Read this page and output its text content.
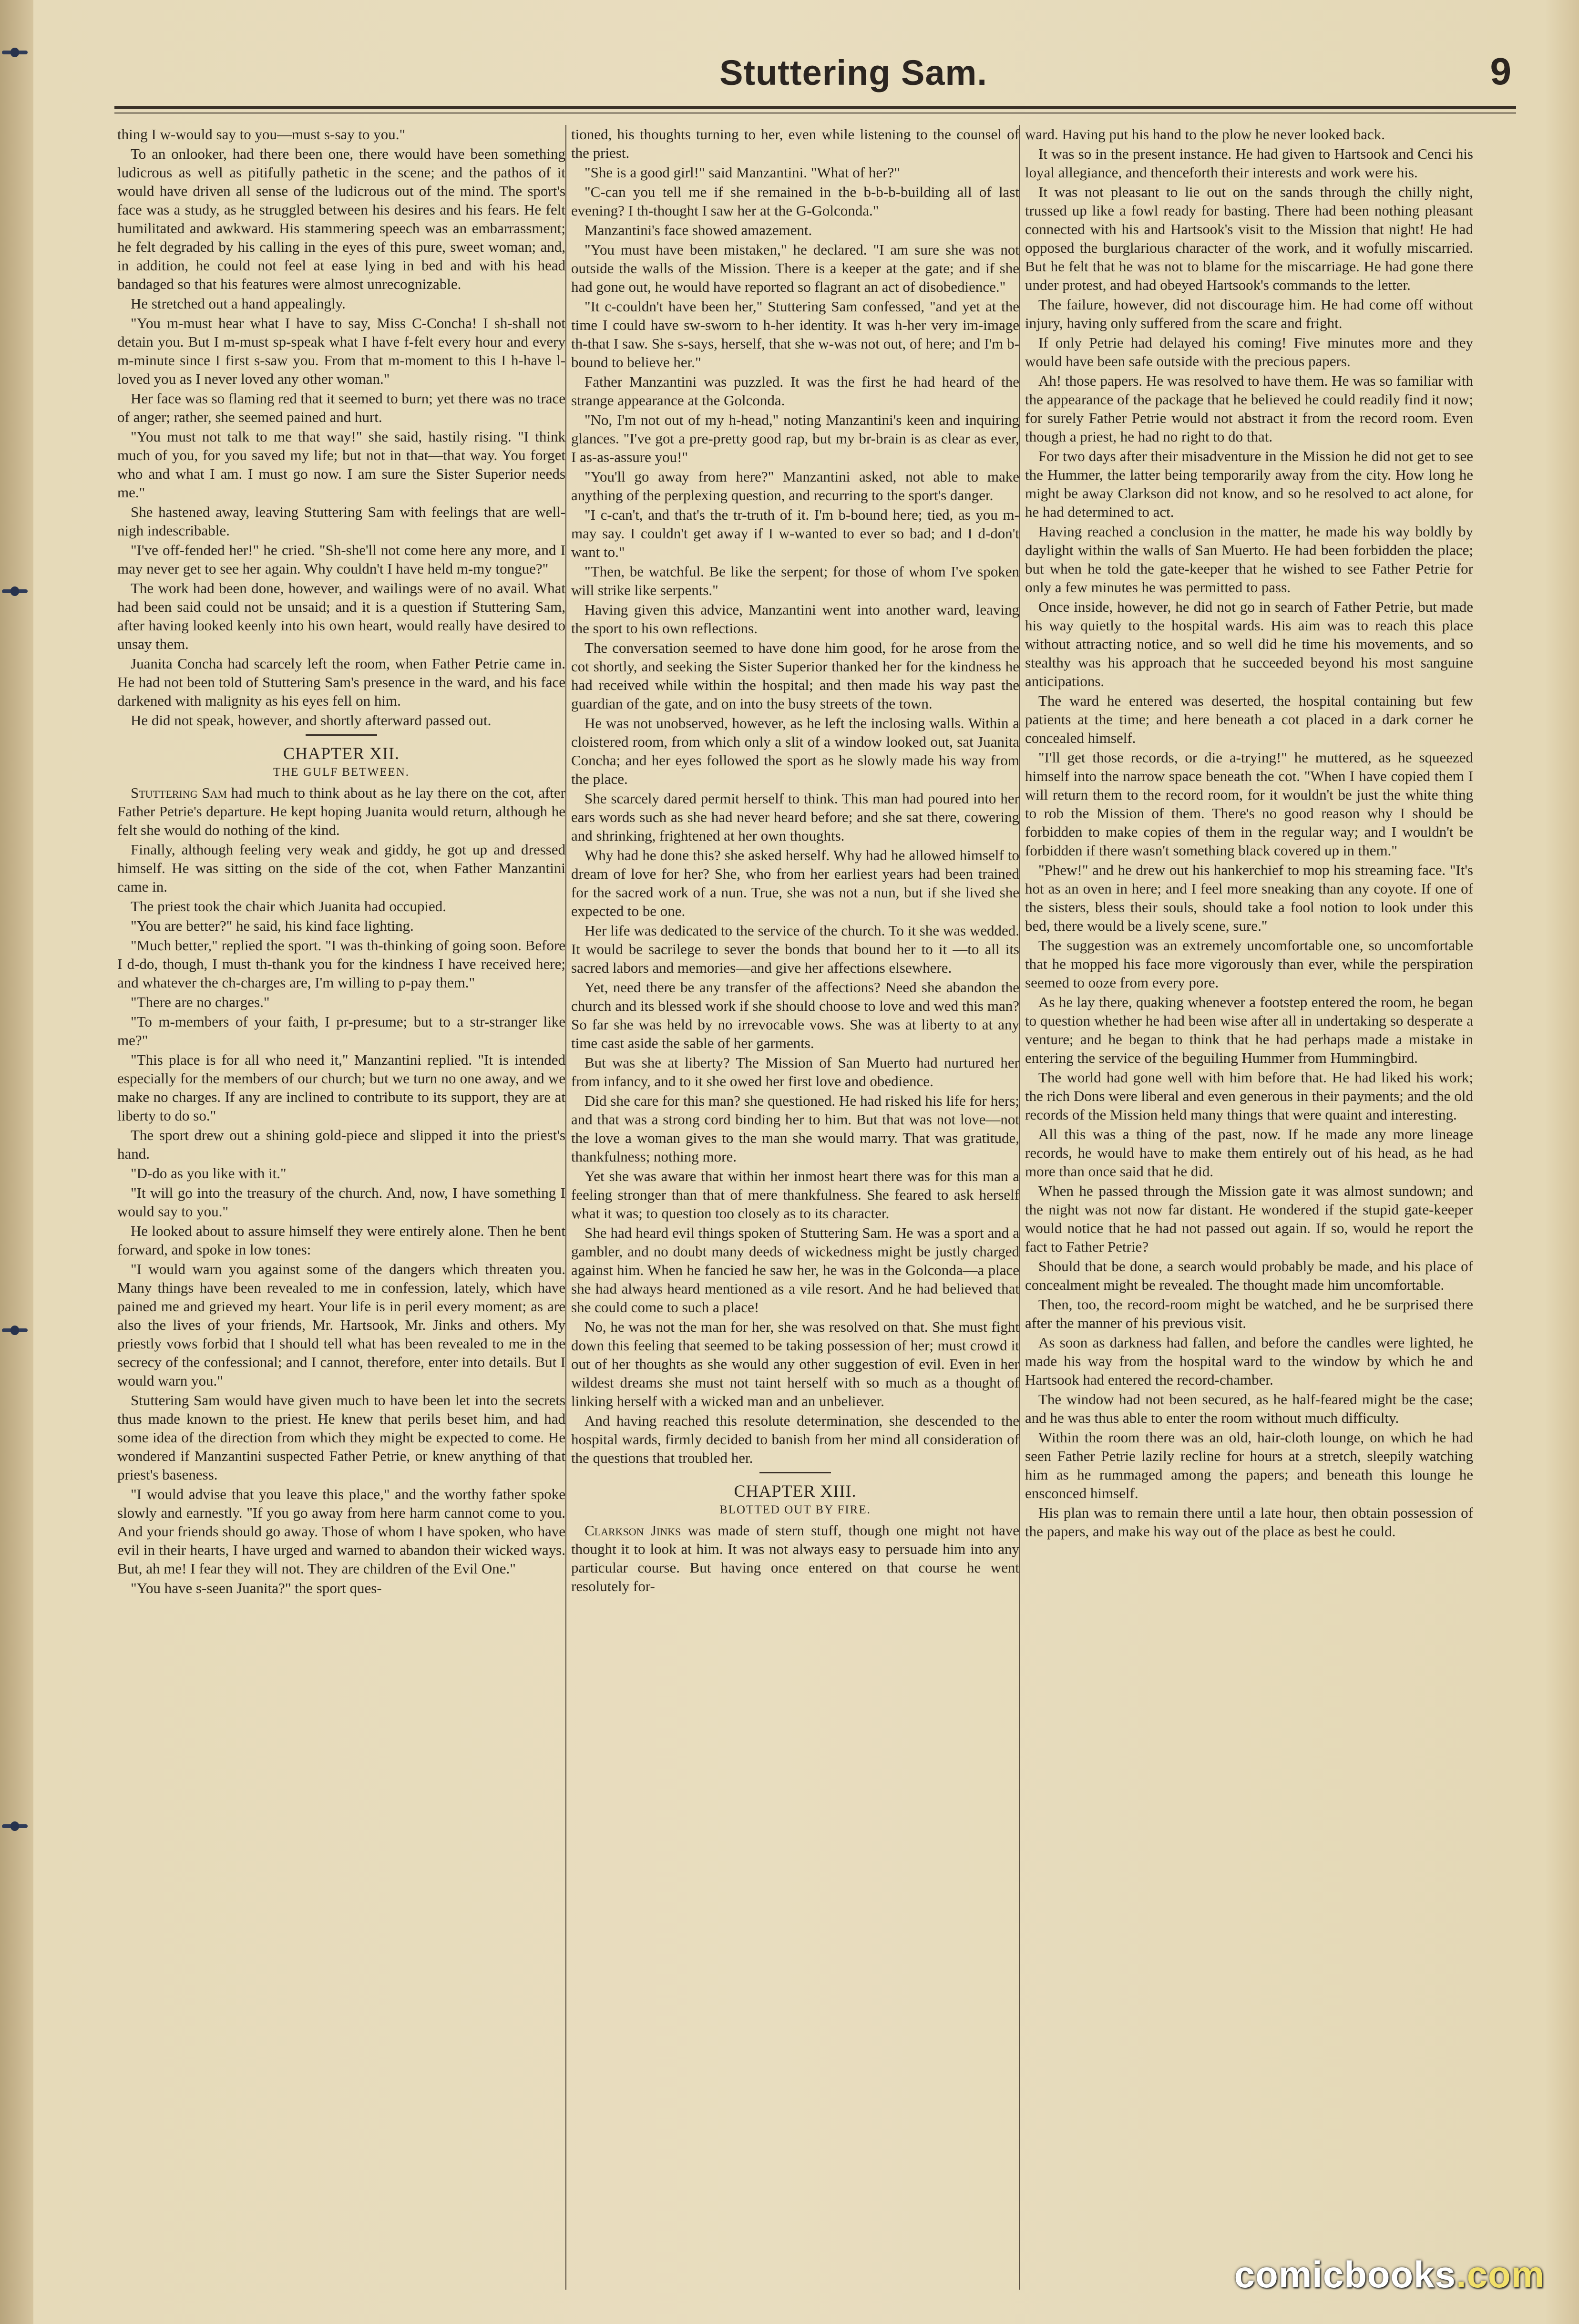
Stuttering Sam.	9

thing I w-would say to you—must s-say to you."

To an onlooker, had there been one, there would have been something ludicrous as well as pitifully pathetic in the scene; and the pathos of it would have driven all sense of the ludicrous out of the mind. The sport's face was a study, as he struggled between his desires and his fears. He felt humilitated and awkward. His stammering speech was an embarrassment; he felt degraded by his calling in the eyes of this pure, sweet woman; and, in addition, he could not feel at ease lying in bed and with his head bandaged so that his features were almost unrecognizable.

He stretched out a hand appealingly.

"You m-must hear what I have to say, Miss C-Concha! I sh-shall not detain you. But I m-must sp-speak what I have f-felt every hour and every m-minute since I first s-saw you. From that m-moment to this I h-have l-loved you as I never loved any other woman."

Her face was so flaming red that it seemed to burn; yet there was no trace of anger; rather, she seemed pained and hurt.

"You must not talk to me that way!" she said, hastily rising. "I think much of you, for you saved my life; but not in that—that way. You forget who and what I am. I must go now. I am sure the Sister Superior needs me."

She hastened away, leaving Stuttering Sam with feelings that are well-nigh indescribable.

"I've off-fended her!" he cried. "Sh-she'll not come here any more, and I may never get to see her again. Why couldn't I have held m-my tongue?"

The work had been done, however, and wailings were of no avail. What had been said could not be unsaid; and it is a question if Stuttering Sam, after having looked keenly into his own heart, would really have desired to unsay them.

Juanita Concha had scarcely left the room, when Father Petrie came in. He had not been told of Stuttering Sam's presence in the ward, and his face darkened with malignity as his eyes fell on him.

He did not speak, however, and shortly afterward passed out.

CHAPTER XII.
THE GULF BETWEEN.

Stuttering Sam had much to think about as he lay there on the cot, after Father Petrie's departure. He kept hoping Juanita would return, although he felt she would do nothing of the kind.

Finally, although feeling very weak and giddy, he got up and dressed himself. He was sitting on the side of the cot, when Father Manzantini came in.

The priest took the chair which Juanita had occupied.

"You are better?" he said, his kind face lighting.

"Much better," replied the sport. "I was th-thinking of going soon. Before I d-do, though, I must th-thank you for the kindness I have received here; and whatever the ch-charges are, I'm willing to p-pay them."

"There are no charges."

"To m-members of your faith, I pr-presume; but to a str-stranger like me?"

"This place is for all who need it," Manzantini replied. "It is intended especially for the members of our church; but we turn no one away, and we make no charges. If any are inclined to contribute to its support, they are at liberty to do so."

The sport drew out a shining gold-piece and slipped it into the priest's hand.

"D-do as you like with it."

"It will go into the treasury of the church. And, now, I have something I would say to you."

He looked about to assure himself they were entirely alone. Then he bent forward, and spoke in low tones:

"I would warn you against some of the dangers which threaten you. Many things have been revealed to me in confession, lately, which have pained me and grieved my heart. Your life is in peril every moment; as are also the lives of your friends, Mr. Hartsook, Mr. Jinks and others. My priestly vows forbid that I should tell what has been revealed to me in the secrecy of the confessional; and I cannot, therefore, enter into details. But I would warn you."

Stuttering Sam would have given much to have been let into the secrets thus made known to the priest. He knew that perils beset him, and had some idea of the direction from which they might be expected to come. He wondered if Manzantini suspected Father Petrie, or knew anything of that priest's baseness.

"I would advise that you leave this place," and the worthy father spoke slowly and earnestly. "If you go away from here harm cannot come to you. And your friends should go away. Those of whom I have spoken, who have evil in their hearts, I have urged and warned to abandon their wicked ways. But, ah me! I fear they will not. They are children of the Evil One."

"You have s-seen Juanita?" the sport ques-

tioned, his thoughts turning to her, even while listening to the counsel of the priest.

"She is a good girl!" said Manzantini. "What of her?"

"C-can you tell me if she remained in the b-b-b-building all of last evening? I th-thought I saw her at the G-Golconda."

Manzantini's face showed amazement.

"You must have been mistaken," he declared. "I am sure she was not outside the walls of the Mission. There is a keeper at the gate; and if she had gone out, he would have reported so flagrant an act of disobedience."

"It c-couldn't have been her," Stuttering Sam confessed, "and yet at the time I could have sw-sworn to h-her identity. It was h-her very im-image th-that I saw. She s-says, herself, that she w-was not out, of here; and I'm b-bound to believe her."

Father Manzantini was puzzled. It was the first he had heard of the strange appearance at the Golconda.

"No, I'm not out of my h-head," noting Manzantini's keen and inquiring glances. "I've got a pre-pretty good rap, but my br-brain is as clear as ever, I as-as-assure you!"

"You'll go away from here?" Manzantini asked, not able to make anything of the perplexing question, and recurring to the sport's danger.

"I c-can't, and that's the tr-truth of it. I'm b-bound here; tied, as you m-may say. I couldn't get away if I w-wanted to ever so bad; and I d-don't want to."

"Then, be watchful. Be like the serpent; for those of whom I've spoken will strike like serpents."

Having given this advice, Manzantini went into another ward, leaving the sport to his own reflections.

The conversation seemed to have done him good, for he arose from the cot shortly, and seeking the Sister Superior thanked her for the kindness he had received while within the hospital; and then made his way past the guardian of the gate, and on into the busy streets of the town.

He was not unobserved, however, as he left the inclosing walls. Within a cloistered room, from which only a slit of a window looked out, sat Juanita Concha; and her eyes followed the sport as he slowly made his way from the place.

She scarcely dared permit herself to think. This man had poured into her ears words such as she had never heard before; and she sat there, cowering and shrinking, frightened at her own thoughts.

Why had he done this? she asked herself. Why had he allowed himself to dream of love for her? She, who from her earliest years had been trained for the sacred work of a nun. True, she was not a nun, but if she lived she expected to be one.

Her life was dedicated to the service of the church. To it she was wedded. It would be sacrilege to sever the bonds that bound her to it —to all its sacred labors and memories—and give her affections elsewhere.

Yet, need there be any transfer of the affections? Need she abandon the church and its blessed work if she should choose to love and wed this man? So far she was held by no irrevocable vows. She was at liberty to at any time cast aside the sable of her garments.

But was she at liberty? The Mission of San Muerto had nurtured her from infancy, and to it she owed her first love and obedience.

Did she care for this man? she questioned. He had risked his life for hers; and that was a strong cord binding her to him. But that was not love—not the love a woman gives to the man she would marry. That was gratitude, thankfulness; nothing more.

Yet she was aware that within her inmost heart there was for this man a feeling stronger than that of mere thankfulness. She feared to ask herself what it was; to question too closely as to its character.

She had heard evil things spoken of Stuttering Sam. He was a sport and a gambler, and no doubt many deeds of wickedness might be justly charged against him. When he fancied he saw her, he was in the Golconda—a place she had always heard mentioned as a vile resort. And he had believed that she could come to such a place!

No, he was not the man for her, she was resolved on that. She must fight down this feeling that seemed to be taking possession of her; must crowd it out of her thoughts as she would any other suggestion of evil. Even in her wildest dreams she must not taint herself with so much as a thought of linking herself with a wicked man and an unbeliever.

And having reached this resolute determination, she descended to the hospital wards, firmly decided to banish from her mind all consideration of the questions that troubled her.

CHAPTER XIII.
BLOTTED OUT BY FIRE.

Clarkson Jinks was made of stern stuff, though one might not have thought it to look at him. It was not always easy to persuade him into any particular course. But having once entered on that course he went resolutely for-

ward. Having put his hand to the plow he never looked back.

It was so in the present instance. He had given to Hartsook and Cenci his loyal allegiance, and thenceforth their interests and work were his.

It was not pleasant to lie out on the sands through the chilly night, trussed up like a fowl ready for basting. There had been nothing pleasant connected with his and Hartsook's visit to the Mission that night! He had opposed the burglarious character of the work, and it wofully miscarried. But he felt that he was not to blame for the miscarriage. He had gone there under protest, and had obeyed Hartsook's commands to the letter.

The failure, however, did not discourage him. He had come off without injury, having only suffered from the scare and fright.

If only Petrie had delayed his coming! Five minutes more and they would have been safe outside with the precious papers.

Ah! those papers. He was resolved to have them. He was so familiar with the appearance of the package that he believed he could readily find it now; for surely Father Petrie would not abstract it from the record room. Even though a priest, he had no right to do that.

For two days after their misadventure in the Mission he did not get to see the Hummer, the latter being temporarily away from the city. How long he might be away Clarkson did not know, and so he resolved to act alone, for he had determined to act.

Having reached a conclusion in the matter, he made his way boldly by daylight within the walls of San Muerto. He had been forbidden the place; but when he told the gate-keeper that he wished to see Father Petrie for only a few minutes he was permitted to pass.

Once inside, however, he did not go in search of Father Petrie, but made his way quietly to the hospital wards. His aim was to reach this place without attracting notice, and so well did he time his movements, and so stealthy was his approach that he succeeded beyond his most sanguine anticipations.

The ward he entered was deserted, the hospital containing but few patients at the time; and here beneath a cot placed in a dark corner he concealed himself.

"I'll get those records, or die a-trying!" he muttered, as he squeezed himself into the narrow space beneath the cot. "When I have copied them I will return them to the record room, for it wouldn't be just the white thing to rob the Mission of them. There's no good reason why I should be forbidden to make copies of them in the regular way; and I wouldn't be forbidden if there wasn't something black covered up in them."

"Phew!" and he drew out his hankerchief to mop his streaming face. "It's hot as an oven in here; and I feel more sneaking than any coyote. If one of the sisters, bless their souls, should take a fool notion to look under this bed, there would be a lively scene, sure."

The suggestion was an extremely uncomfortable one, so uncomfortable that he mopped his face more vigorously than ever, while the perspiration seemed to ooze from every pore.

As he lay there, quaking whenever a footstep entered the room, he began to question whether he had been wise after all in undertaking so desperate a venture; and he began to think that he had perhaps made a mistake in entering the service of the beguiling Hummer from Hummingbird.

The world had gone well with him before that. He had liked his work; the rich Dons were liberal and even generous in their payments; and the old records of the Mission held many things that were quaint and interesting.

All this was a thing of the past, now. If he made any more lineage records, he would have to make them entirely out of his head, as he had more than once said that he did.

When he passed through the Mission gate it was almost sundown; and the night was not now far distant. He wondered if the stupid gate-keeper would notice that he had not passed out again. If so, would he report the fact to Father Petrie?

Should that be done, a search would probably be made, and his place of concealment might be revealed. The thought made him uncomfortable.

Then, too, the record-room might be watched, and he be surprised there after the manner of his previous visit.

As soon as darkness had fallen, and before the candles were lighted, he made his way from the hospital ward to the window by which he and Hartsook had entered the record-chamber.

The window had not been secured, as he half-feared might be the case; and he was thus able to enter the room without much difficulty.

Within the room there was an old, hair-cloth lounge, on which he had seen Father Petrie lazily recline for hours at a stretch, sleepily watching him as he rummaged among the papers; and beneath this lounge he ensconced himself.

His plan was to remain there until a late hour, then obtain possession of the papers, and make his way out of the place as best he could.

comicbooks.com
